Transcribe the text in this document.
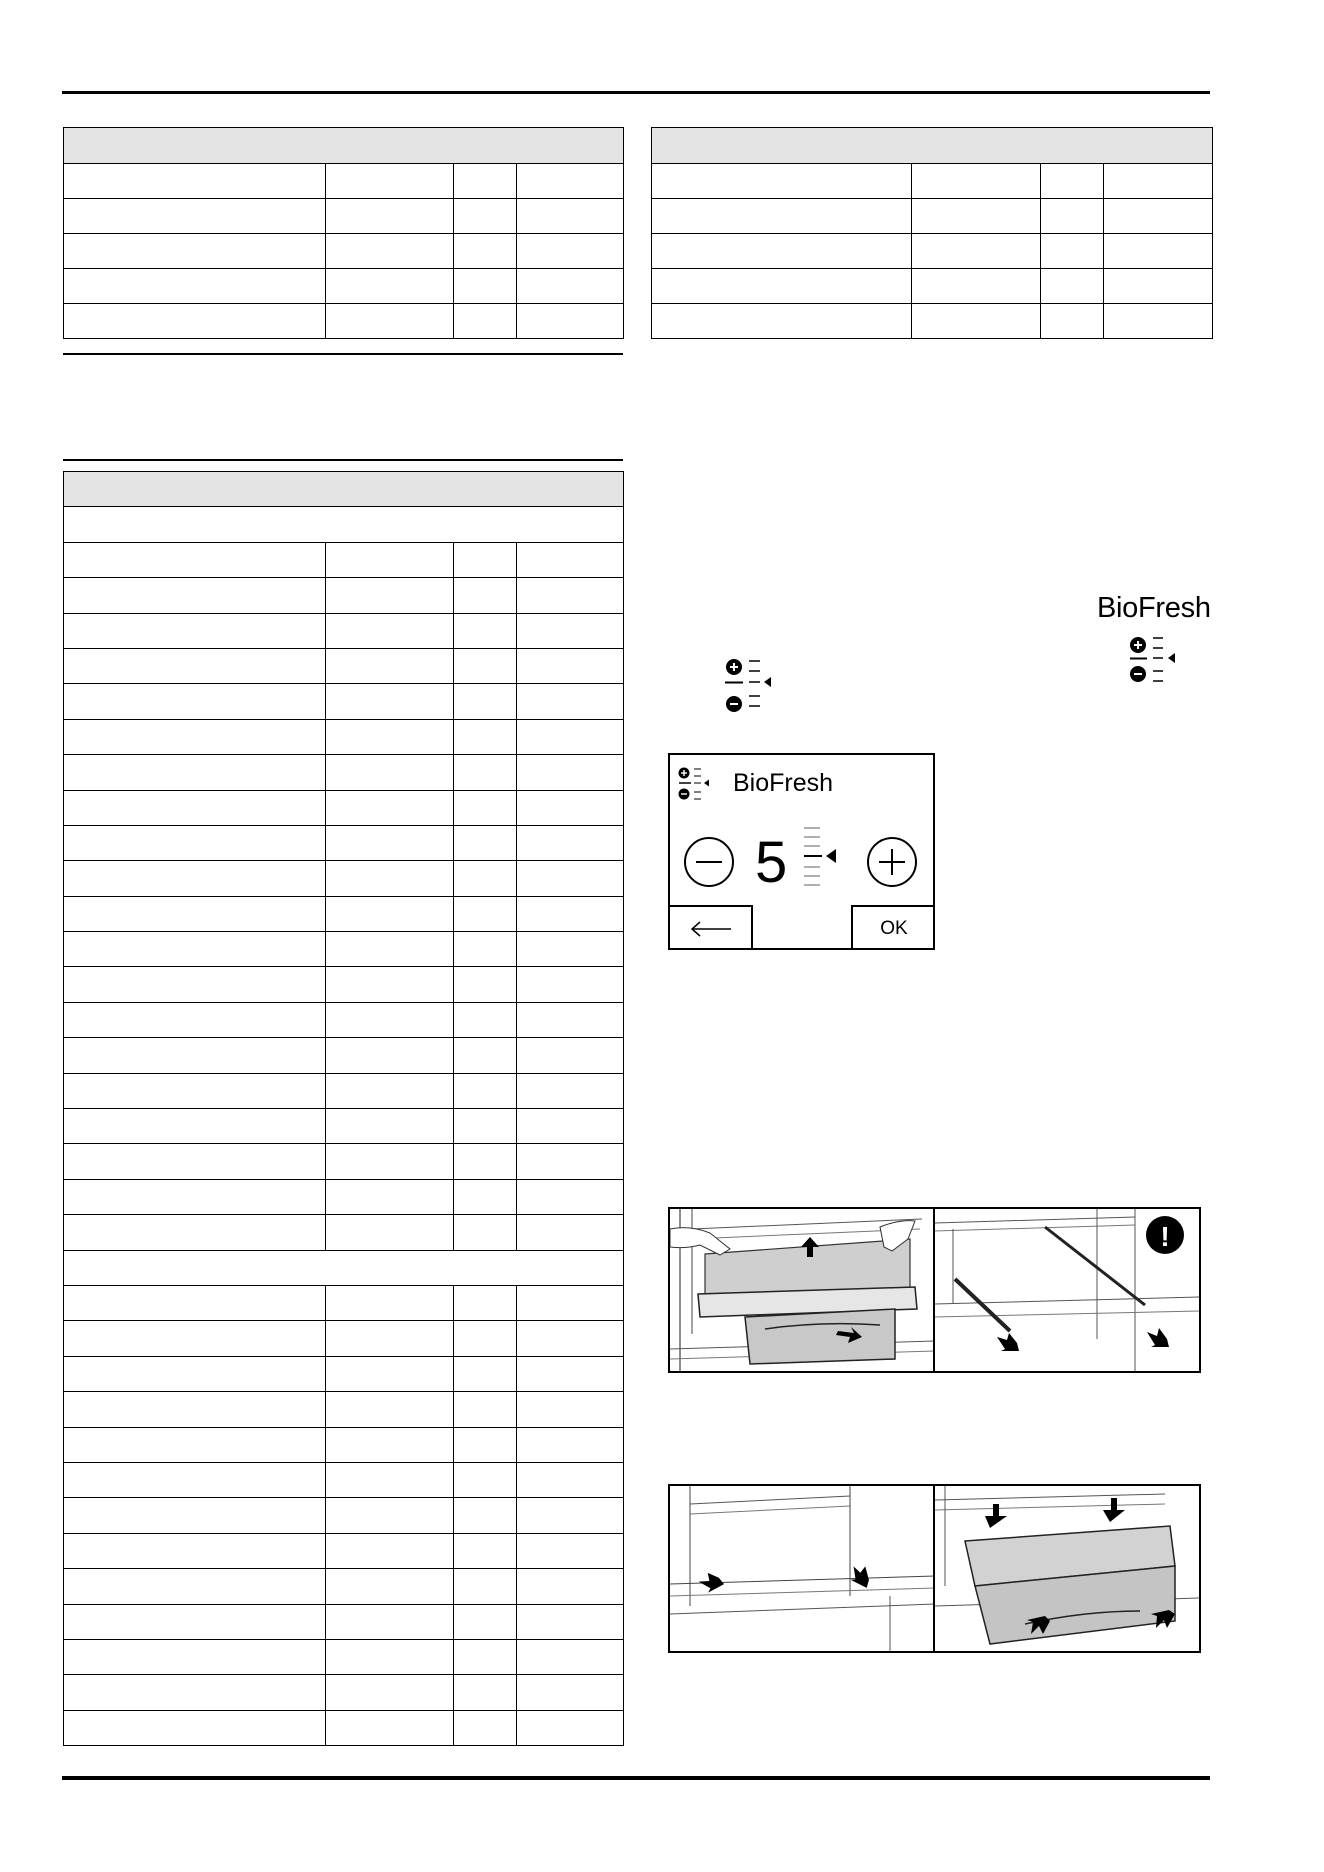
BioFresh
BioFresh
5
OK
!
